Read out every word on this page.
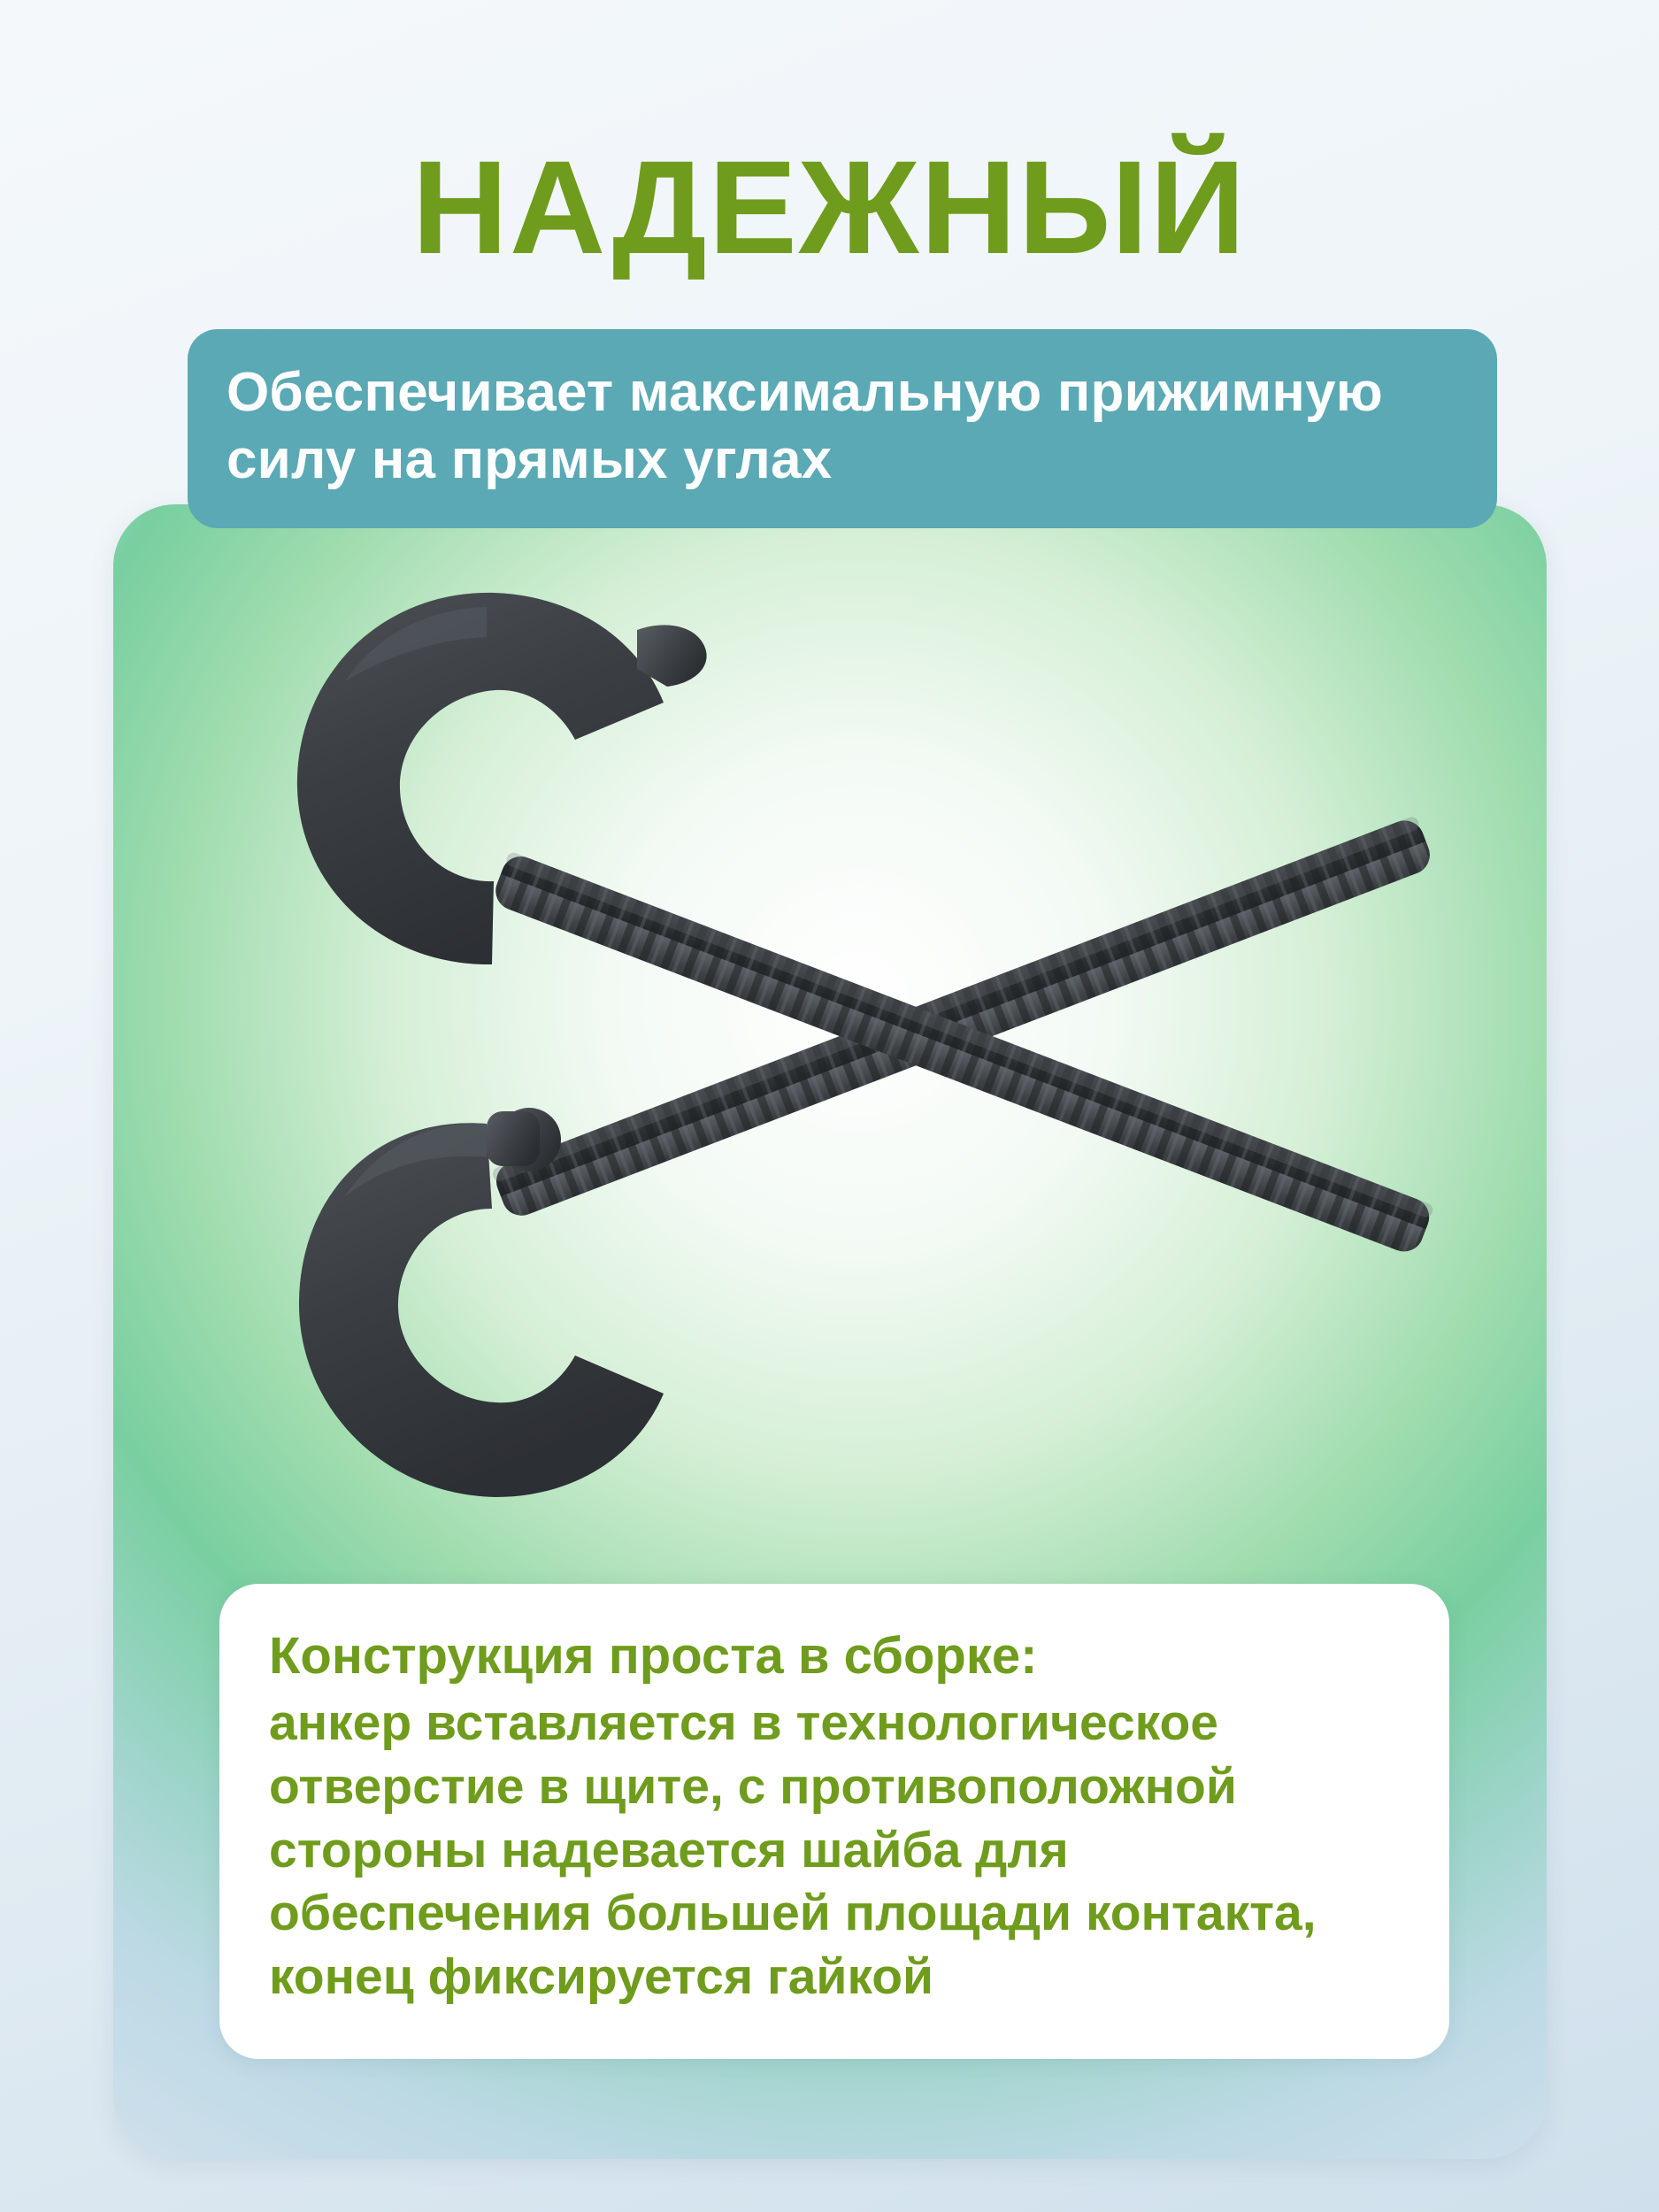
НАДЕЖНЫЙ
Обеспечивает максимальную прижимную силу на прямых углах
Конструкция проста в сборке:
анкер вставляется в технологическое отверстие в щите, с противоположной стороны надевается шайба для обеспечения большей площади контакта, конец фиксируется гайкой
